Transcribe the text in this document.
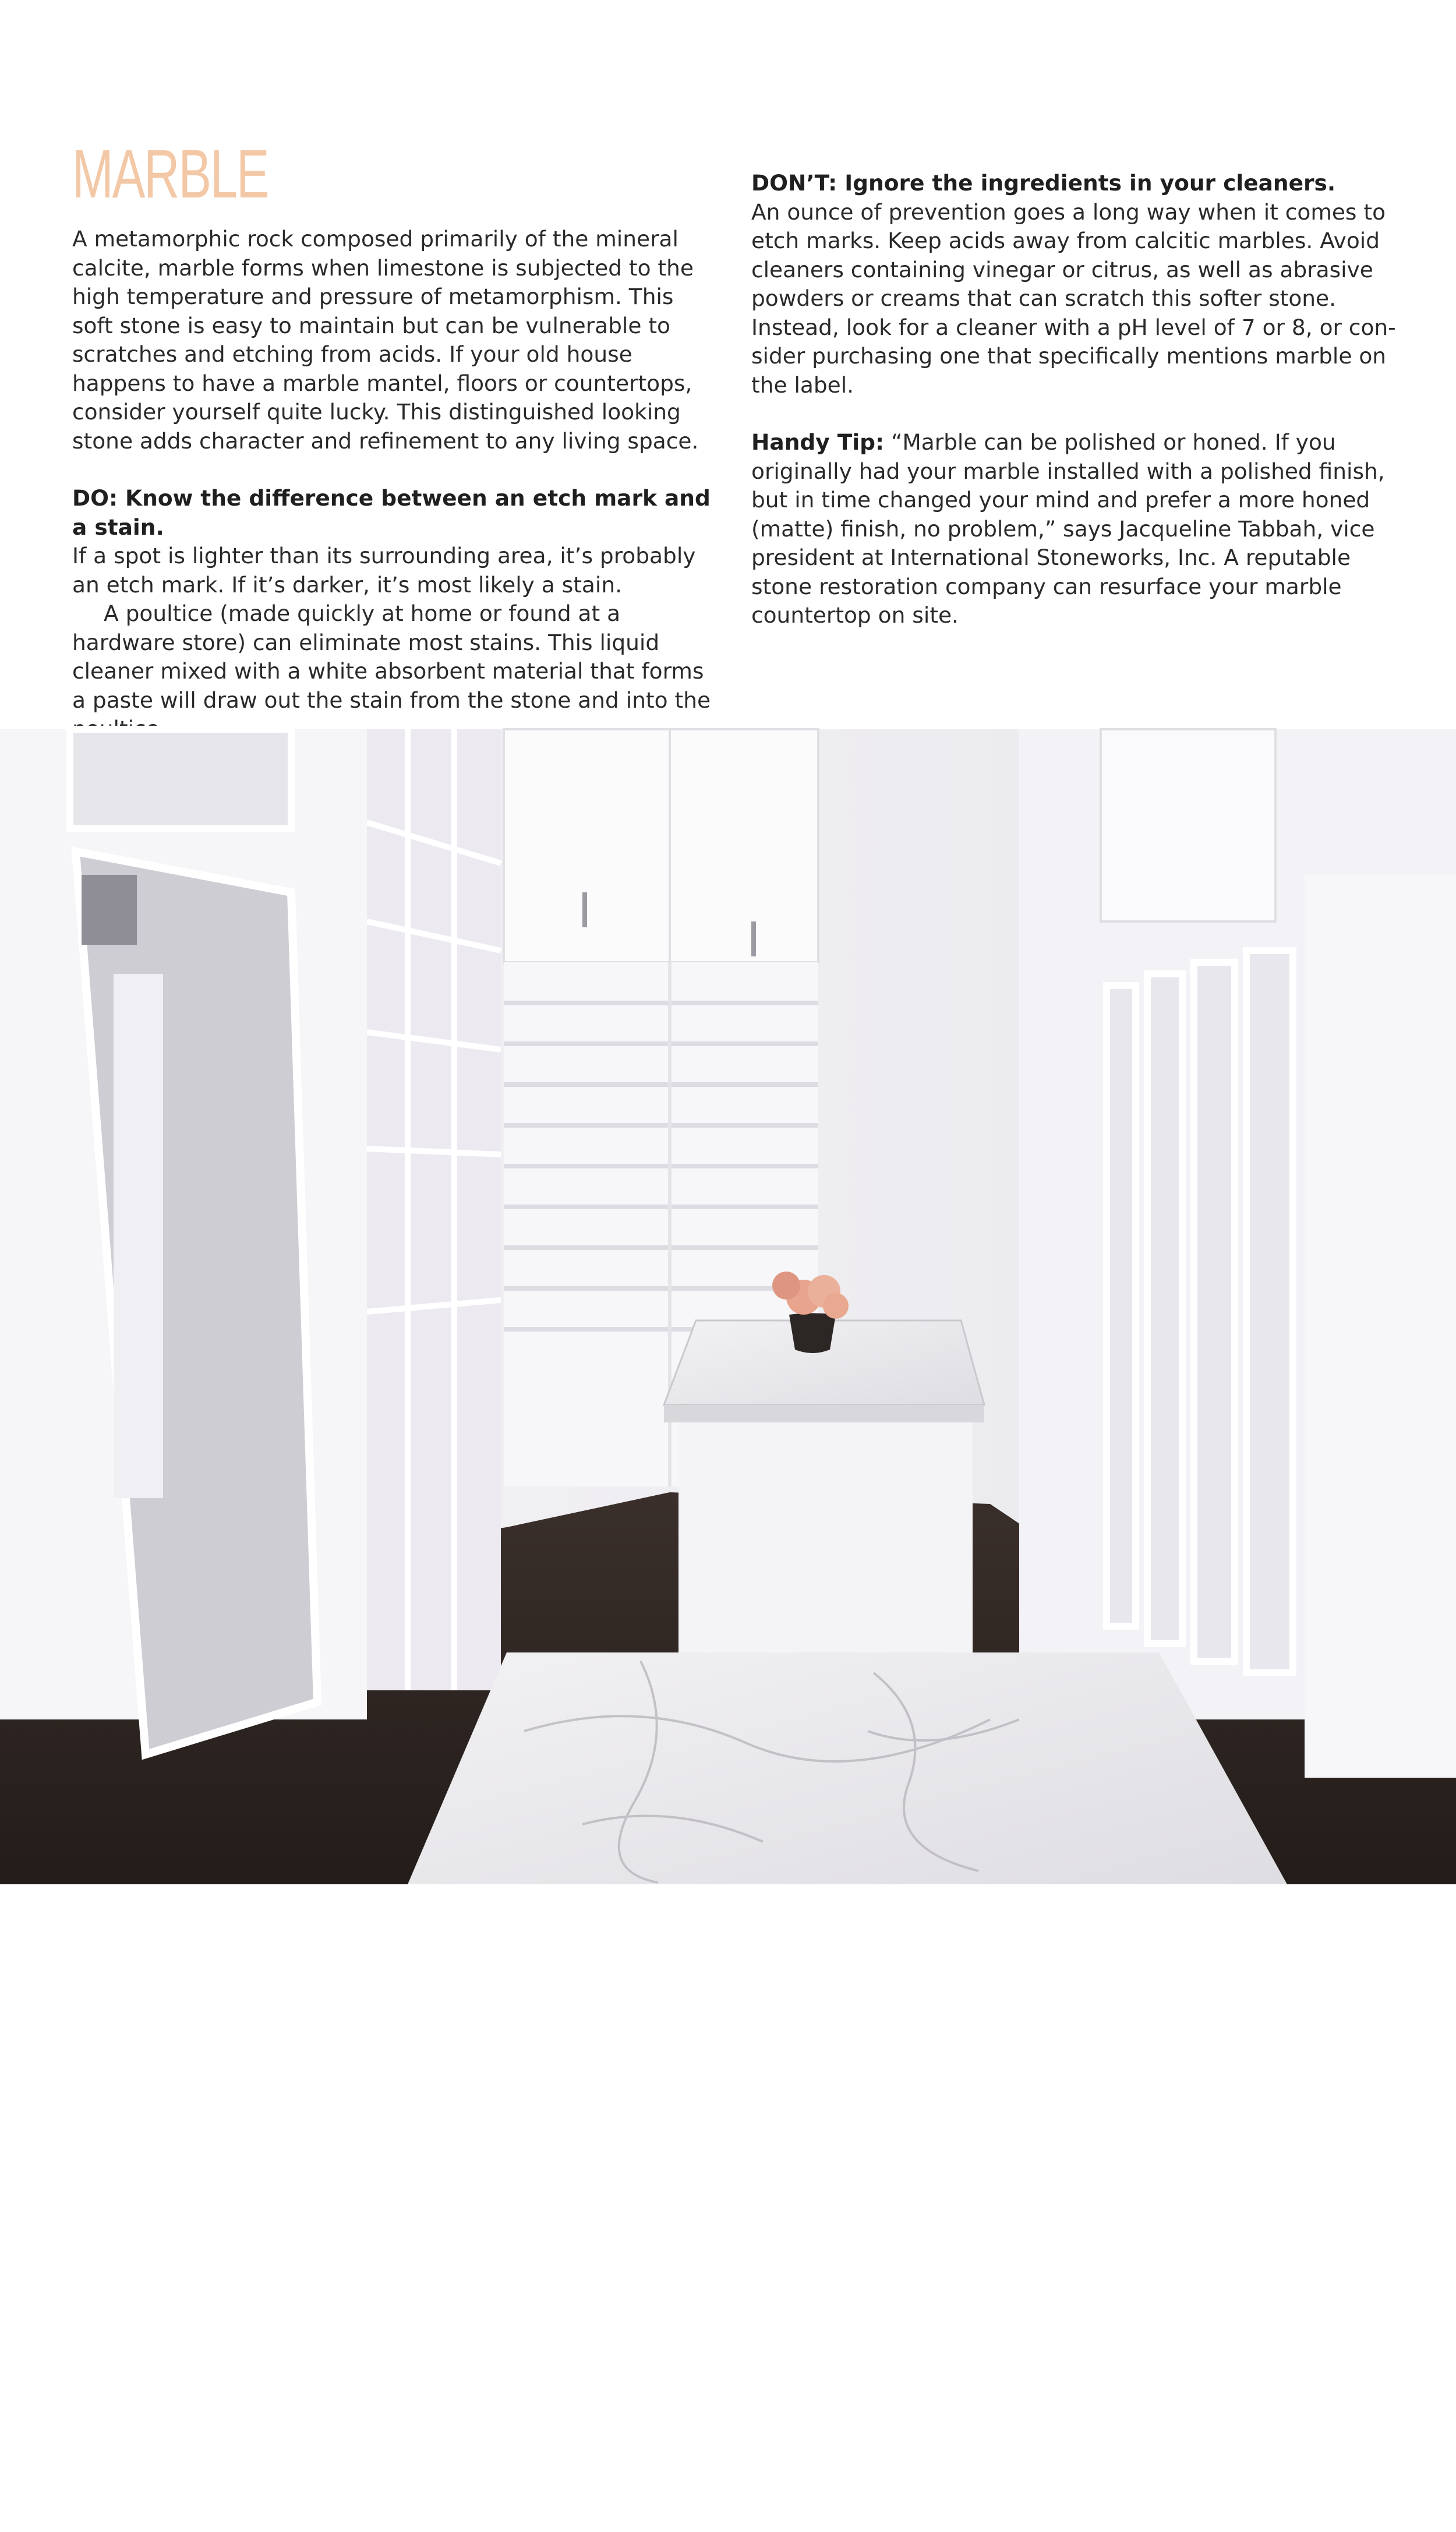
MARBLE

A metamorphic rock composed primarily of the mineral calcite, marble forms when limestone is subjected to the high temperature and pressure of metamorphism. This soft stone is easy to maintain but can be vulnerable to scratches and etching from acids. If your old house happens to have a marble mantel, floors or countertops, consider yourself quite lucky. This distinguished looking stone adds character and refinement to any living space.

DO: Know the difference between an etch mark and a stain.

If a spot is lighter than its surrounding area, it’s probably an etch mark. If it’s darker, it’s most likely a stain.

A poultice (made quickly at home or found at a hardware store) can eliminate most stains. This liquid cleaner mixed with a white absorbent material that forms a paste will draw out the stain from the stone and into the

DON’T: Ignore the ingredients in your cleaners.

An ounce of prevention goes a long way when it comes to etch marks. Keep acids away from calcitic marbles. Avoid cleaners containing vinegar or citrus, as well as abrasive powders or creams that can scratch this softer stone. Instead, look for a cleaner with a pH level of 7 or 8, or con-sider purchasing one that specifically mentions marble on the label.

Handy Tip: “Marble can be polished or honed. If you originally had your marble installed with a polished finish, but in time changed your mind and prefer a more honed (matte) finish, no problem,” says Jacqueline Tabbah, vice president at International Stoneworks, Inc. A reputable stone restoration company can resurface your marble countertop on site.

PHOTO COURTESY OF CHRIS FRICK FOR ROCKIN TERIORS
